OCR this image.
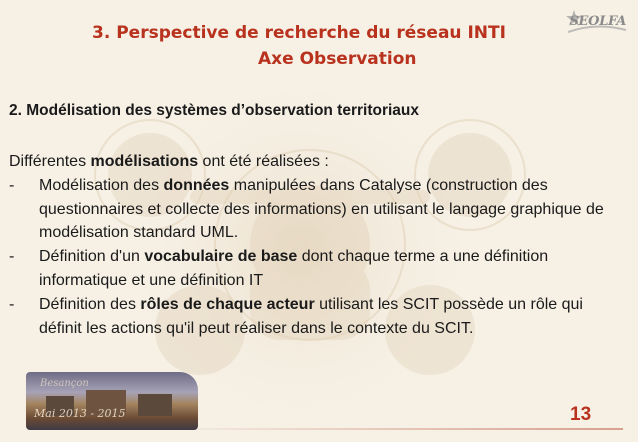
3. Perspective de recherche du réseau INTI
Axe Observation
SEOLFA
2. Modélisation des systèmes d’observation territoriaux

Différentes modélisations ont été réalisées :

- Modélisation des données manipulées dans Catalyse (construction des questionnaires et collecte des informations) en utilisant le langage graphique de modélisation standard UML.

- Définition d'un vocabulaire de base dont chaque terme a une définition informatique et une définition IT

- Définition des rôles de chaque acteur utilisant les SCIT possède un rôle qui définit les actions qu'il peut réaliser dans le contexte du SCIT.

Besançon
Mai 2013 - 2015	13
